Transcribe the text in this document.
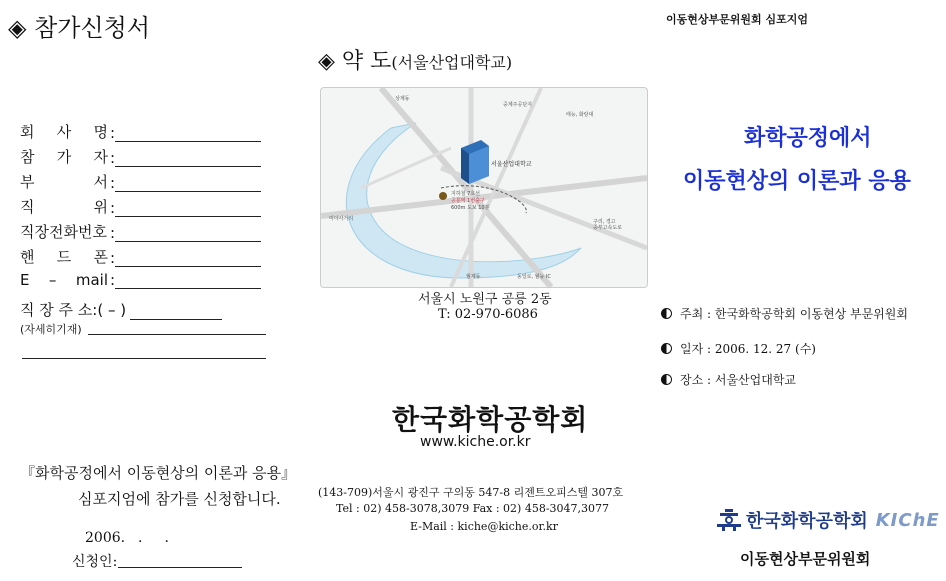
◈ 참가신청서
회 사 명 :
참 가 자 :
부	서 :
직	위 :
직장전화번호 :
핸 드 폰 :
E – mail :
직 장 주 소:( – )
(자세히기재)
『화학공정에서 이동현상의 이론과 응용』
심포지엄에 참가를 신청합니다.
2006. ..
신청인:
◈ 약 도(서울산업대학교)
상계동
중계주공단지
태능, 화랑대
서울산업대학교
지하철 7호선
공릉역 1번출구
600m 도보 10분
미아사거리	구리, 경고
중부고속도로
월계동	동일로, 월능 IC
서울시 노원구 공릉 2동
T: 02-970-6086
한국화학공학회
www.kiche.or.kr
(143-709)서울시 광진구 구의동 547-8 리젠트오피스텔 307호
Tel : 02) 458-3078,3079 Fax : 02) 458-3047,3077
E-Mail : kiche@kiche.or.kr
이동현상부문위원회 심포지엄
화학공정에서
이동현상의 이론과 응용
주최 : 한국화학공학회 이동현상 부문위원회
일자 : 2006. 12. 27 (수)
장소 : 서울산업대학교
한국화학공학회 KIChE
이동현상부문위원회
